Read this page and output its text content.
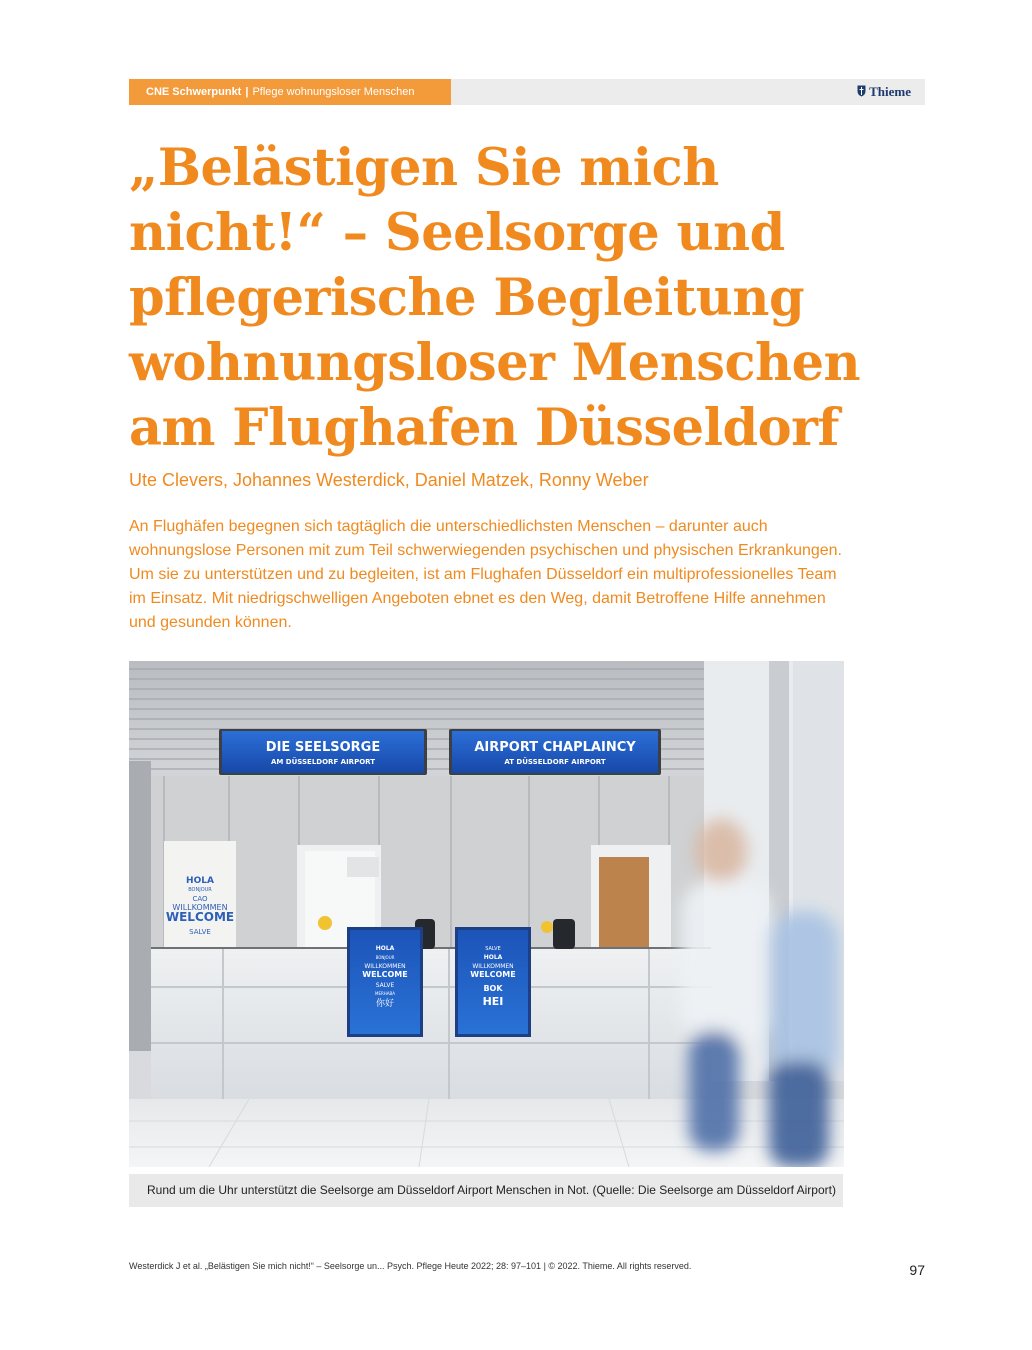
CNE Schwerpunkt | Pflege wohnungsloser Menschen	Thieme
„Belästigen Sie mich nicht!“ – Seelsorge und pflegerische Begleitung wohnungsloser Menschen am Flughafen Düsseldorf
Ute Clevers, Johannes Westerdick, Daniel Matzek, Ronny Weber

An Flughäfen begegnen sich tagtäglich die unterschiedlichsten Menschen – darunter auch wohnungslose Personen mit zum Teil schwerwiegenden psychischen und physischen Erkrankungen. Um sie zu unterstützen und zu begleiten, ist am Flughafen Düsseldorf ein multiprofessionelles Team im Einsatz. Mit niedrigschwelligen Angeboten ebnet es den Weg, damit Betroffene Hilfe annehmen und gesunden können.

DIE SEELSORGE
AM DÜSSELDORF AIRPORT
AIRPORT CHAPLAINCY
AT DÜSSELDORF AIRPORT
HOLA
BONJOUR
CAO
WILLKOMMEN
WELCOME
SALVE
HOLA
BONJOUR
WILLKOMMEN
WELCOME
SALVE
MERHABA
你好
SALVE
HOLA
WILLKOMMEN
WELCOME
BOK
HEI
Rund um die Uhr unterstützt die Seelsorge am Düsseldorf Airport Menschen in Not. (Quelle: Die Seelsorge am Düsseldorf Airport)
Westerdick J et al. „Belästigen Sie mich nicht!“ – Seelsorge un... Psych. Pflege Heute 2022; 28: 97–101 | © 2022. Thieme. All rights reserved.	97
